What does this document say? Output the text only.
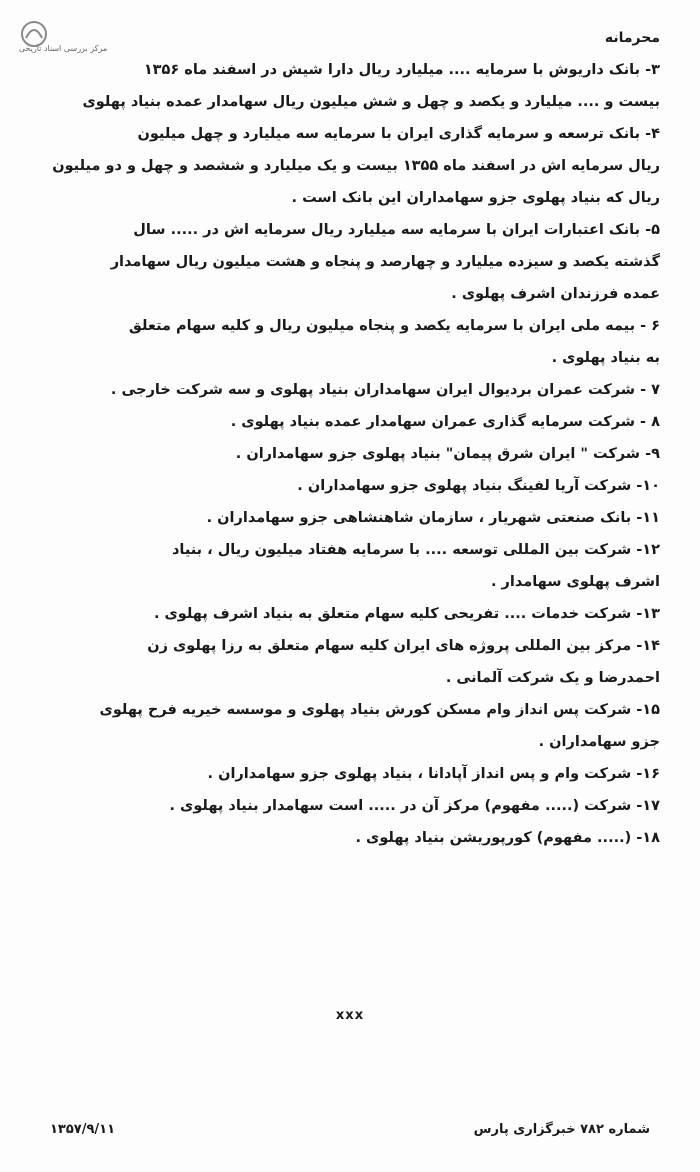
مرکز بررسی اسناد تاریخی
محرمانه

۳- بانک داریوش با سرمایه .... میلیارد ریال دارا شیش در اسفند ماه ۱۳۵۶

بیست و .... میلیارد و یکصد و چهل و شش میلیون ریال سهامدار عمده بنیاد پهلوی

۴- بانک ترسعه و سرمایه گذاری ایران با سرمایه سه میلیارد و چهل میلیون

ریال سرمایه اش در اسفند ماه ۱۳۵۵ بیست و یک میلیارد و ششصد و چهل و دو میلیون

ریال که بنیاد پهلوی جزو سهامداران این بانک است .

۵- بانک اعتبارات ایران با سرمایه سه میلیارد ریال سرمایه اش در ..... سال

گذشته یکصد و سیزده میلیارد و چهارصد و پنجاه و هشت میلیون ریال سهامدار

عمده فرزندان اشرف پهلوی .

۶ - بیمه ملی ایران با سرمایه یکصد و پنجاه میلیون ریال و کلیه سهام متعلق

به بنیاد پهلوی .

۷ - شرکت عمران بردیوال ایران سهامداران بنیاد پهلوی و سه شرکت خارجی .

۸ - شرکت سرمایه گذاری عمران سهامدار عمده بنیاد پهلوی .

۹- شرکت " ایران شرق پیمان" بنیاد پهلوی جزو سهامداران .

۱۰- شرکت آریا لفینگ بنیاد پهلوی جزو سهامداران .

۱۱- بانک صنعتی شهریار ، سازمان شاهنشاهی جزو سهامداران .

۱۲- شرکت بین المللی توسعه .... با سرمایه هفتاد میلیون ریال ، بنیاد

اشرف پهلوی سهامدار .

۱۳- شرکت خدمات .... تفریحی کلیه سهام متعلق به بنیاد اشرف پهلوی .

۱۴- مرکز بین المللی پروژه های ایران کلیه سهام متعلق به رزا پهلوی زن

احمدرضا و یک شرکت آلمانی .

۱۵- شرکت پس انداز وام مسکن کورش بنیاد پهلوی و موسسه خیریه فرح پهلوی

جزو سهامداران .

۱۶- شرکت وام و پس انداز آپادانا ، بنیاد پهلوی جزو سهامداران .

۱۷- شرکت (..... مفهوم) مرکز آن در ..... است سهامدار بنیاد پهلوی .

۱۸- (..... مفهوم) کورپوریشن بنیاد پهلوی .

xxx
شماره ۷۸۲ خبرگزاری پارس
۱۳۵۷/۹/۱۱
